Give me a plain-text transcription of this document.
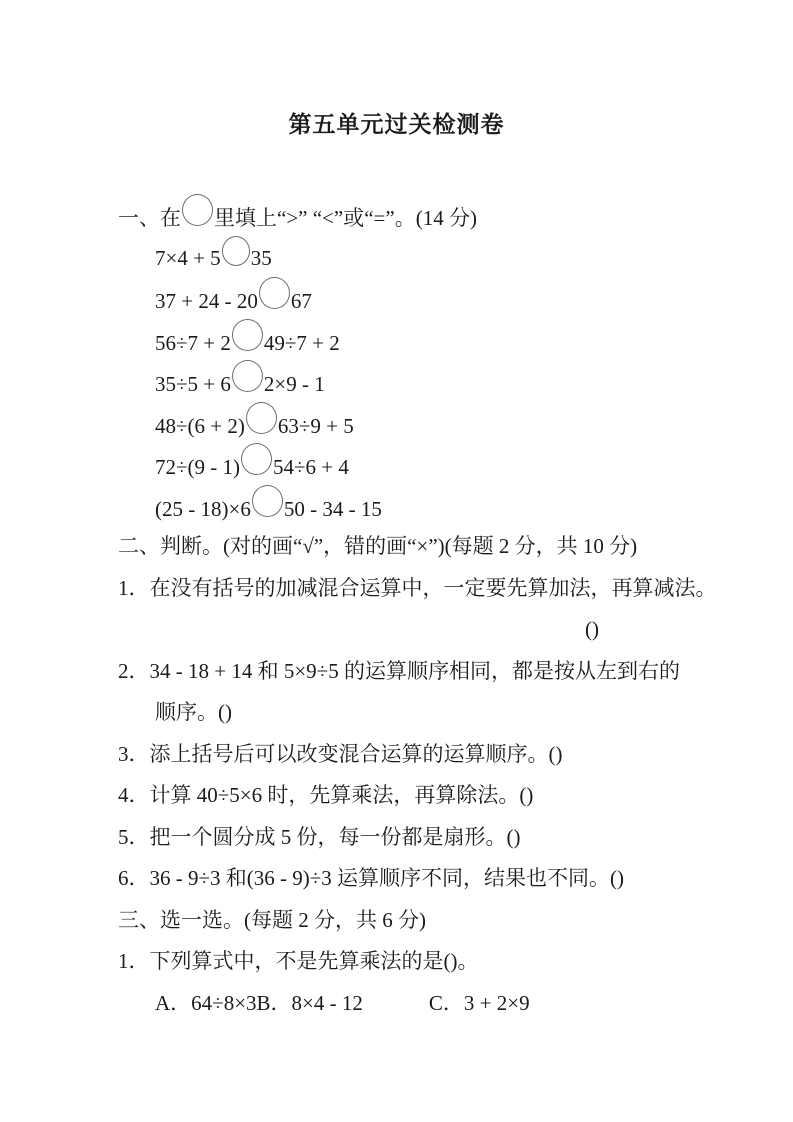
第五单元过关检测卷
一、在 里填上“>” “<”或“=”。(14 分)
7×4 + 5 35
37 + 24 - 20 67
56÷7 + 2 49÷7 + 2
35÷5 + 6 2×9 - 1
48÷(6 + 2) 63÷9 + 5
72÷(9 - 1) 54÷6 + 4
(25 - 18)×6 50 - 34 - 15
二、判断。(对的画“√”，错的画“×”)(每题 2 分，共 10 分)
1．在没有括号的加减混合运算中，一定要先算加法，再算减法。
()
2．34 - 18 + 14 和 5×9÷5 的运算顺序相同，都是按从左到右的
顺序。()
3．添上括号后可以改变混合运算的运算顺序。()
4．计算 40÷5×6 时，先算乘法，再算除法。()
5．把一个圆分成 5 份，每一份都是扇形。()
6．36 - 9÷3 和(36 - 9)÷3 运算顺序不同，结果也不同。()
三、选一选。(每题 2 分，共 6 分)
1．下列算式中，不是先算乘法的是()。
A．64÷8×3B．8×4 - 12	C．3 + 2×9
